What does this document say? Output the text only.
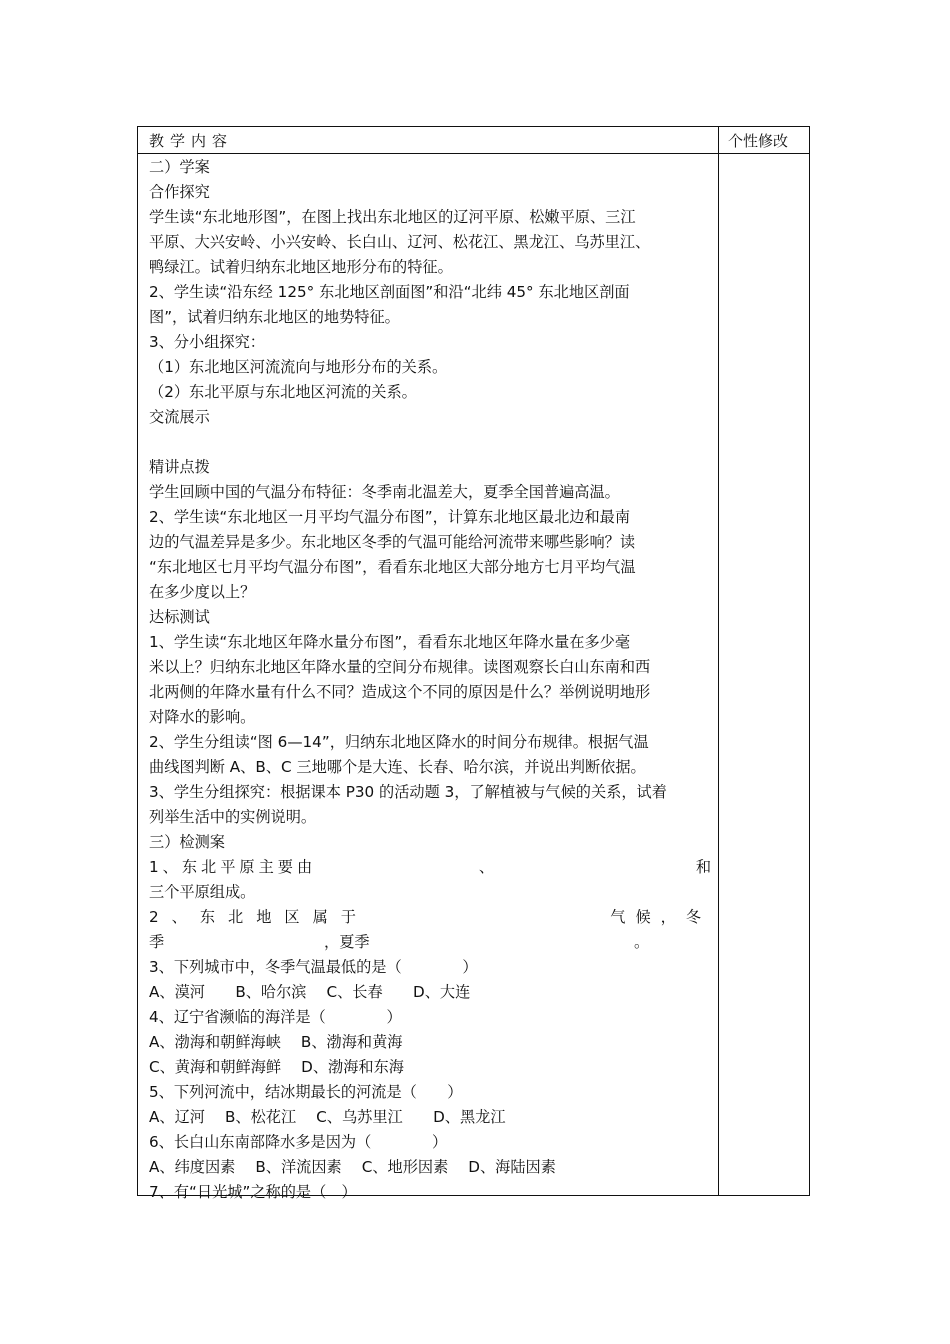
教学内容	个性修改
二）学案
合作探究
学生读“东北地形图”，在图上找出东北地区的辽河平原、松嫩平原、三江
平原、大兴安岭、小兴安岭、长白山、辽河、松花江、黑龙江、乌苏里江、
鸭绿江。试着归纳东北地区地形分布的特征。
2、学生读“沿东经 125° 东北地区剖面图”和沿“北纬 45° 东北地区剖面
图”，试着归纳东北地区的地势特征。
3、分小组探究：
（1）东北地区河流流向与地形分布的关系。
（2）东北平原与东北地区河流的关系。
交流展示
精讲点拨
学生回顾中国的气温分布特征：冬季南北温差大，夏季全国普遍高温。
2、学生读“东北地区一月平均气温分布图”，计算东北地区最北边和最南
边的气温差异是多少。东北地区冬季的气温可能给河流带来哪些影响？读
“东北地区七月平均气温分布图”，看看东北地区大部分地方七月平均气温
在多少度以上？
达标测试
1、学生读“东北地区年降水量分布图”，看看东北地区年降水量在多少毫
米以上？归纳东北地区年降水量的空间分布规律。读图观察长白山东南和西
北两侧的年降水量有什么不同？造成这个不同的原因是什么？举例说明地形
对降水的影响。
2、学生分组读“图 6—14”，归纳东北地区降水的时间分布规律。根据气温
曲线图判断 A、B、C 三地哪个是大连、长春、哈尔滨，并说出判断依据。
3、学生分组探究：根据课本 P30 的活动题 3，了解植被与气候的关系，试着
列举生活中的实例说明。
三）检测案
1、东北平原主要由	、	和
三个平原组成。
2、东北地区属于	气候，冬
季	，夏季	。
3、下列城市中，冬季气温最低的是（　　　　）
A、漠河　　B、哈尔滨　 C、长春　　D、大连
4、辽宁省濒临的海洋是（　　　　）
A、渤海和朝鲜海峡　 B、渤海和黄海
C、黄海和朝鲜海鲜　 D、渤海和东海
5、下列河流中，结冰期最长的河流是（　　）
A、辽河　 B、松花江　 C、乌苏里江　　D、黑龙江
6、长白山东南部降水多是因为（　　　　）
A、纬度因素　 B、洋流因素　 C、地形因素　 D、海陆因素
7、有“日光城”之称的是（　）
